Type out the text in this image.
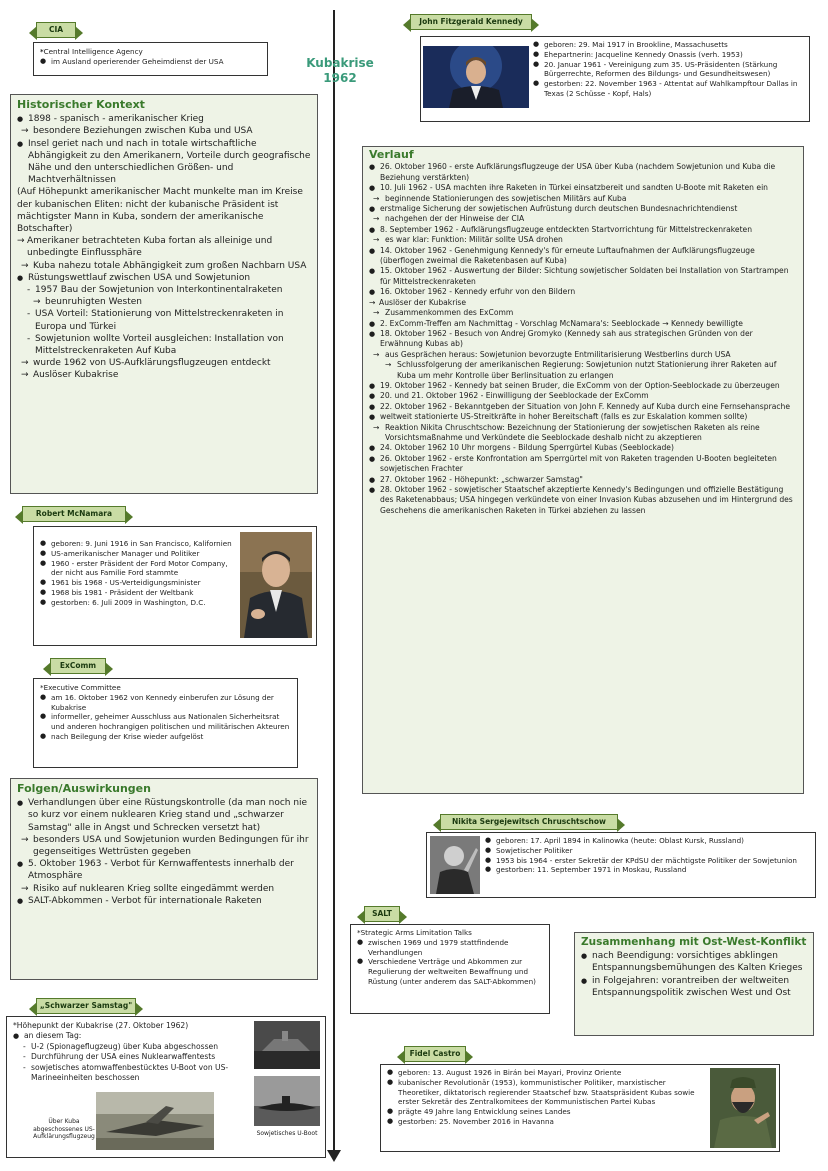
Kubakrise
1962
CIA
* *Central Intelligence Agency
● im Ausland operierender Geheimdienst der USA
Historischer Kontext
● 1898 - spanisch - amerikanischer Krieg
→ besondere Beziehungen zwischen Kuba und USA
● Insel geriet nach und nach in totale wirtschaftliche Abhängigkeit zu den Amerikanern, Vorteile durch geografische Nähe und den unterschiedlichen Größen- und Machtverhältnissen
(Auf Höhepunkt amerikanischer Macht munkelte man im Kreise der kubanischen Eliten: nicht der kubanische Präsident ist mächtigster Mann in Kuba, sondern der amerikanische Botschafter)
→ Amerikaner betrachteten Kuba fortan als alleinige und unbedingte Einflussphäre
→ Kuba nahezu totale Abhängigkeit zum großen Nachbarn USA
● Rüstungswettlauf zwischen USA und Sowjetunion
- 1957 Bau der Sowjetunion von Interkontinentalraketen
→ beunruhigten Westen
- USA Vorteil: Stationierung von Mittelstreckenraketen in Europa und Türkei
- Sowjetunion wollte Vorteil ausgleichen: Installation von Mittelstreckenraketen Auf Kuba
→ wurde 1962 von US-Aufklärungsflugzeugen entdeckt
→ Auslöser Kubakrise
Robert McNamara
● geboren: 9. Juni 1916 in San Francisco, Kalifornien
● US-amerikanischer Manager und Politiker
● 1960 - erster Präsident der Ford Motor Company, der nicht aus Familie Ford stammte
● 1961 bis 1968 - US-Verteidigungsminister
● 1968 bis 1981 - Präsident der Weltbank
● gestorben: 6. Juli 2009 in Washington, D.C.
ExComm
*Executive Committee
● am 16. Oktober 1962 von Kennedy einberufen zur Lösung der Kubakrise
● informeller, geheimer Ausschluss aus Nationalen Sicherheitsrat und anderen hochrangigen politischen und militärischen Akteuren
● nach Beilegung der Krise wieder aufgelöst
Folgen/Auswirkungen
● Verhandlungen über eine Rüstungskontrolle (da man noch nie so kurz vor einem nuklearen Krieg stand und „schwarzer Samstag" alle in Angst und Schrecken versetzt hat)
→ besonders USA und Sowjetunion wurden Bedingungen für ihr gegenseitiges Wettrüsten gegeben
● 5. Oktober 1963 - Verbot für Kernwaffentests innerhalb der Atmosphäre
→ Risiko auf nuklearen Krieg sollte eingedämmt werden
● SALT-Abkommen - Verbot für internationale Raketen
„Schwarzer Samstag"
*Höhepunkt der Kubakrise (27. Oktober 1962)
● an diesem Tag:
- U-2 (Spionageflugzeug) über Kuba abgeschossen
- Durchführung der USA eines Nuklearwaffentests
- sowjetisches atomwaffenbestücktes U-Boot von US-Marineeinheiten beschossen
Sowjetisches U-Boot
Über Kuba abgeschossenes US-Aufklärungsflugzeug
John Fitzgerald Kennedy
● geboren: 29. Mai 1917 in Brookline, Massachusetts
● Ehepartnerin: Jacqueline Kennedy Onassis (verh. 1953)
● 20. Januar 1961 - Vereinigung zum 35. US-Präsidenten (Stärkung Bürgerrechte, Reformen des Bildungs- und Gesundheitswesen)
● gestorben: 22. November 1963 - Attentat auf Wahlkampftour Dallas in Texas (2 Schüsse - Kopf, Hals)
Verlauf
● 26. Oktober 1960 - erste Aufklärungsflugzeuge der USA über Kuba (nachdem Sowjetunion und Kuba die Beziehung verstärkten)
● 10. Juli 1962 - USA machten ihre Raketen in Türkei einsatzbereit und sandten U-Boote mit Raketen ein
→ beginnende Stationierungen des sowjetischen Militärs auf Kuba
● erstmalige Sicherung der sowjetischen Aufrüstung durch deutschen Bundesnachrichtendienst
→ nachgehen der der Hinweise der CIA
● 8. September 1962 - Aufklärungsflugzeuge entdeckten Startvorrichtung für Mittelstreckenraketen
→ es war klar: Funktion: Militär sollte USA drohen
● 14. Oktober 1962 - Genehmigung Kennedy's für erneute Luftaufnahmen der Aufklärungsflugzeuge (überflogen zweimal die Raketenbasen auf Kuba)
● 15. Oktober 1962 - Auswertung der Bilder: Sichtung sowjetischer Soldaten bei Installation von Startrampen für Mittelstreckenraketen
● 16. Oktober 1962 - Kennedy erfuhr von den Bildern
→ Auslöser der Kubakrise
→ Zusammenkommen des ExComm
● 2. ExComm-Treffen am Nachmittag - Vorschlag McNamara's: Seeblockade → Kennedy bewilligte
● 18. Oktober 1962 - Besuch von Andrej Gromyko (Kennedy sah aus strategischen Gründen von der Erwähnung Kubas ab)
→ aus Gesprächen heraus: Sowjetunion bevorzugte Entmilitarisierung Westberlins durch USA
→ Schlussfolgerung der amerikanischen Regierung: Sowjetunion nutzt Stationierung ihrer Raketen auf Kuba um mehr Kontrolle über Berlinsituation zu erlangen
● 19. Oktober 1962 - Kennedy bat seinen Bruder, die ExComm von der Option-Seeblockade zu überzeugen
● 20. und 21. Oktober 1962 - Einwilligung der Seeblockade der ExComm
● 22. Oktober 1962 - Bekanntgeben der Situation von John F. Kennedy auf Kuba durch eine Fernsehansprache
● weltweit stationierte US-Streitkräfte in hoher Bereitschaft (falls es zur Eskalation kommen sollte)
→ Reaktion Nikita Chruschtschow: Bezeichnung der Stationierung der sowjetischen Raketen als reine Vorsichtsmaßnahme und Verkündete die Seeblockade deshalb nicht zu akzeptieren
● 24. Oktober 1962 10 Uhr morgens - Bildung Sperrgürtel Kubas (Seeblockade)
● 26. Oktober 1962 - erste Konfrontation am Sperrgürtel mit von Raketen tragenden U-Booten begleiteten sowjetischen Frachter
● 27. Oktober 1962 - Höhepunkt: „schwarzer Samstag"
● 28. Oktober 1962 - sowjetischer Staatschef akzeptierte Kennedy's Bedingungen und offizielle Bestätigung des Raketenabbaus; USA hingegen verkündete von einer Invasion Kubas abzusehen und im Hintergrund des Geschehens die amerikanischen Raketen in Türkei abziehen zu lassen
Nikita Sergejewitsch Chruschtschow
● geboren: 17. April 1894 in Kalinowka (heute: Oblast Kursk, Russland)
● Sowjetischer Politiker
● 1953 bis 1964 - erster Sekretär der KPdSU der mächtigste Politiker der Sowjetunion
● gestorben: 11. September 1971 in Moskau, Russland
SALT
*Strategic Arms Limitation Talks
● zwischen 1969 und 1979 stattfindende Verhandlungen
● Verschiedene Verträge und Abkommen zur Regulierung der weltweiten Bewaffnung und Rüstung (unter anderem das SALT-Abkommen)
Zusammenhang mit Ost-West-Konflikt
● nach Beendigung: vorsichtiges abklingen Entspannungsbemühungen des Kalten Krieges
● in Folgejahren: vorantreiben der weltweiten Entspannungspolitik zwischen West und Ost
Fidel Castro
● geboren: 13. August 1926 in Birán bei Mayari, Provinz Oriente
● kubanischer Revolutionär (1953), kommunistischer Politiker, marxistischer Theoretiker, diktatorisch regierender Staatschef bzw. Staatspräsident Kubas sowie erster Sekretär des Zentralkomitees der Kommunistischen Partei Kubas
● prägte 49 Jahre lang Entwicklung seines Landes
● gestorben: 25. November 2016 in Havanna
